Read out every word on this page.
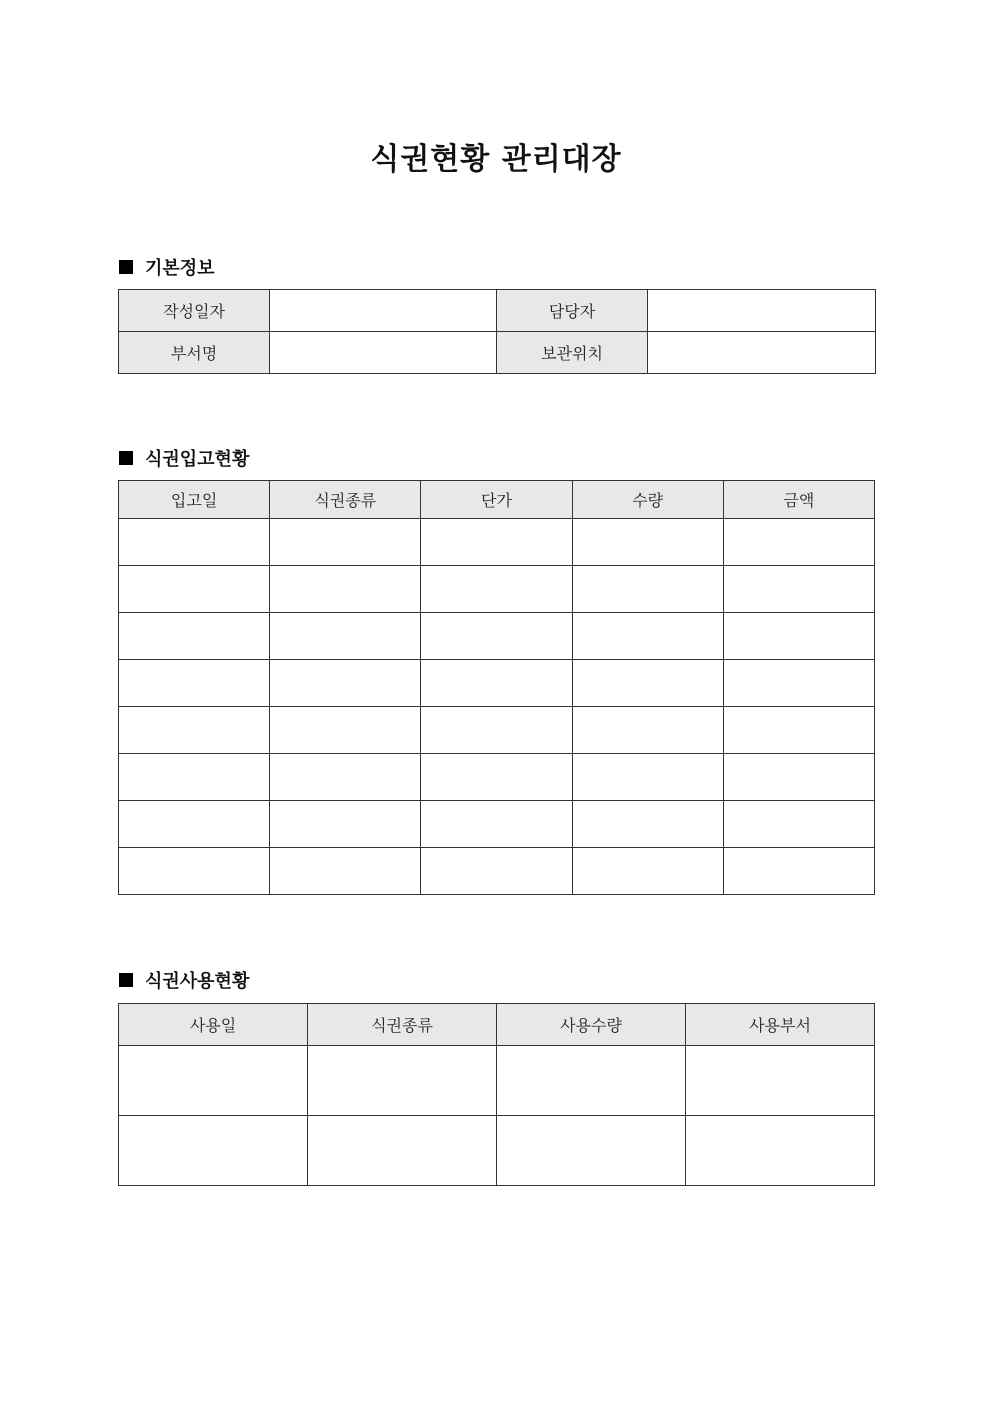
식권현황 관리대장
기본정보
작성일자		담당자	
부서명		보관위치	
식권입고현황
입고일	식권종류	단가	수량	금액

식권사용현황
사용일	식권종류	사용수량	사용부서
